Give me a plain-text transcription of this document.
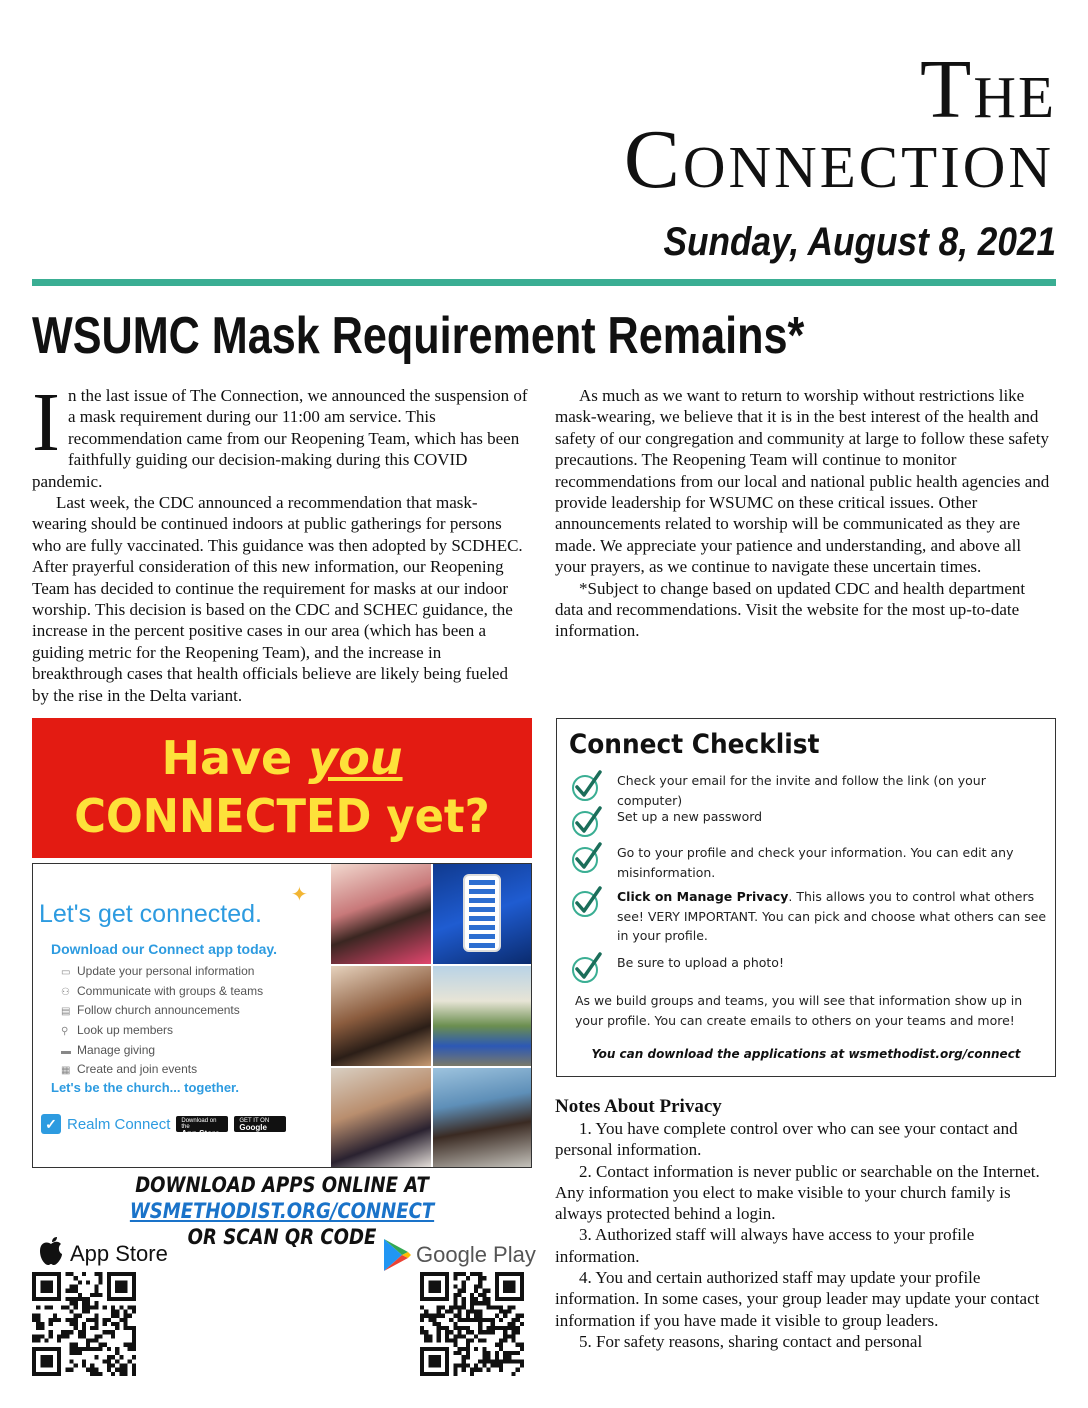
The
Connection
Sunday, August 8, 2021
WSUMC Mask Requirement Remains*

In the last issue of The Connection, we announced the suspension of a mask requirement during our 11:00 am service. This recommendation came from our Reopening Team, which has been faithfully guiding our decision-making during this COVID pandemic.

Last week, the CDC announced a recommendation that mask-wearing should be continued indoors at public gatherings for persons who are fully vaccinated. This guidance was then adopted by SCDHEC. After prayerful consideration of this new information, our Reopening Team has decided to continue the requirement for masks at our indoor worship. This decision is based on the CDC and SCHEC guidance, the increase in the percent positive cases in our area (which has been a guiding metric for the Reopening Team), and the increase in breakthrough cases that health officials believe are likely being fueled by the rise in the Delta variant.

As much as we want to return to worship without restrictions like mask-wearing, we believe that it is in the best interest of the health and safety of our congregation and community at large to follow these safety precautions. The Reopening Team will continue to monitor recommendations from our local and national public health agencies and provide leadership for WSUMC on these critical issues. Other announcements related to worship will be communicated as they are made. We appreciate your patience and understanding, and above all your prayers, as we continue to navigate these uncertain times.

*Subject to change based on updated CDC and health department data and recommendations. Visit the website for the most up-to-date information.

Have you
CONNECTED yet?
Let's get connected.
✦
Download our Connect app today.
▭ Update your personal information
⚇ Communicate with groups & teams
▤ Follow church announcements
⚲ Look up members
▬ Manage giving
▦ Create and join events
Let's be the church... together.
✓ Realm Connect	Download on the
App Store
GET IT ON
Google Play
DOWNLOAD APPS ONLINE AT
WSMETHODIST.ORG/CONNECT
OR SCAN QR CODE
App Store	Google Play
Connect Checklist
Check your email for the invite and follow the link (on your computer)
Set up a new password
Go to your profile and check your information. You can edit any misinformation.
Click on Manage Privacy. This allows you to control what others see! VERY IMPORTANT. You can pick and choose what others can see in your profile.
Be sure to upload a photo!
As we build groups and teams, you will see that information show up in your profile. You can create emails to others on your teams and more!
You can download the applications at wsmethodist.org/connect
Notes About Privacy

1. You have complete control over who can see your contact and personal information.

2. Contact information is never public or searchable on the Internet. Any information you elect to make visible to your church family is always protected behind a login.

3. Authorized staff will always have access to your profile information.

4. You and certain authorized staff may update your profile information. In some cases, your group leader may update your contact information if you have made it visible to group leaders.

5. For safety reasons, sharing contact and personal
